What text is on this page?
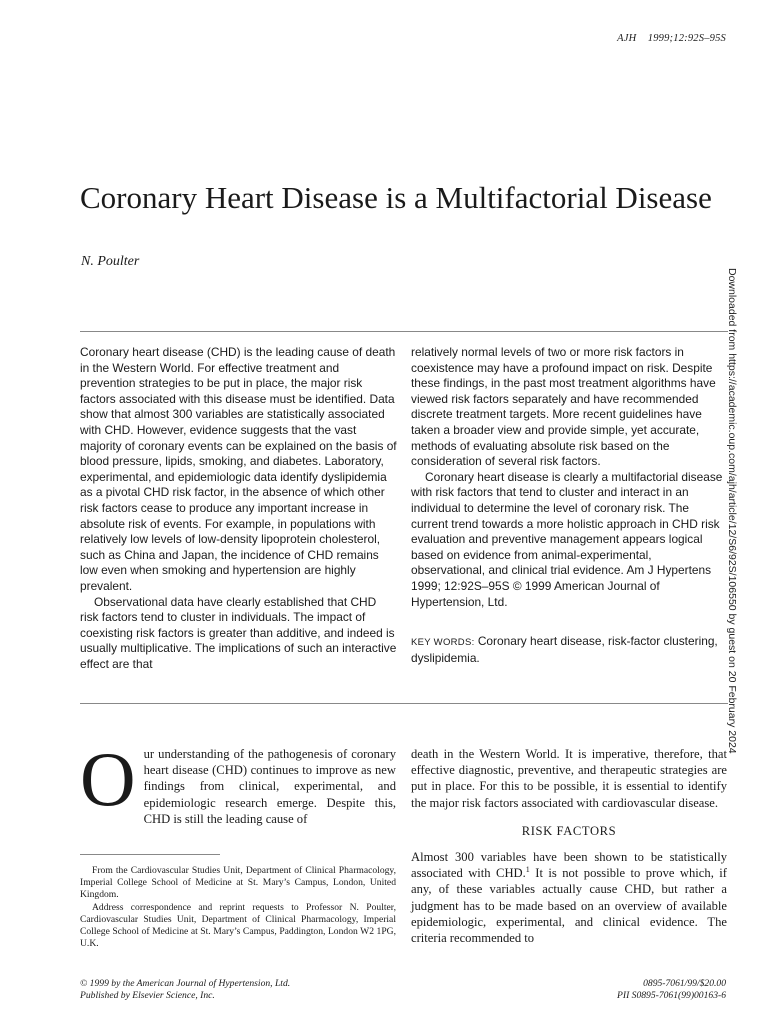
AJH 1999;12:92S–95S
Coronary Heart Disease is a Multifactorial Disease
N. Poulter
Downloaded from https://academic.oup.com/ajh/article/12/S6/92S/106550 by guest on 20 February 2024

Coronary heart disease (CHD) is the leading cause of death in the Western World. For effective treatment and prevention strategies to be put in place, the major risk factors associated with this disease must be identified. Data show that almost 300 variables are statistically associated with CHD. However, evidence suggests that the vast majority of coronary events can be explained on the basis of blood pressure, lipids, smoking, and diabetes. Laboratory, experimental, and epidemiologic data identify dyslipidemia as a pivotal CHD risk factor, in the absence of which other risk factors cease to produce any important increase in absolute risk of events. For example, in populations with relatively low levels of low-density lipoprotein cholesterol, such as China and Japan, the incidence of CHD remains low even when smoking and hypertension are highly prevalent.

Observational data have clearly established that CHD risk factors tend to cluster in individuals. The impact of coexisting risk factors is greater than additive, and indeed is usually multiplicative. The implications of such an interactive effect are that

relatively normal levels of two or more risk factors in coexistence may have a profound impact on risk. Despite these findings, in the past most treatment algorithms have viewed risk factors separately and have recommended discrete treatment targets. More recent guidelines have taken a broader view and provide simple, yet accurate, methods of evaluating absolute risk based on the consideration of several risk factors.

Coronary heart disease is clearly a multifactorial disease with risk factors that tend to cluster and interact in an individual to determine the level of coronary risk. The current trend towards a more holistic approach in CHD risk evaluation and preventive management appears logical based on evidence from animal-experimental, observational, and clinical trial evidence. Am J Hypertens 1999; 12:92S–95S © 1999 American Journal of Hypertension, Ltd.

KEY WORDS: Coronary heart disease, risk-factor clustering, dyslipidemia.

Our understanding of the pathogenesis of coronary heart disease (CHD) continues to improve as new findings from clinical, experimental, and epidemiologic research emerge. Despite this, CHD is still the leading cause of

death in the Western World. It is imperative, therefore, that effective diagnostic, preventive, and therapeutic strategies are put in place. For this to be possible, it is essential to identify the major risk factors associated with cardiovascular disease.

RISK FACTORS

Almost 300 variables have been shown to be statistically associated with CHD.$^1$ It is not possible to prove which, if any, of these variables actually cause CHD, but rather a judgment has to be made based on an overview of available epidemiologic, experimental, and clinical evidence. The criteria recommended to

From the Cardiovascular Studies Unit, Department of Clinical Pharmacology, Imperial College School of Medicine at St. Mary’s Campus, London, United Kingdom.

Address correspondence and reprint requests to Professor N. Poulter, Cardiovascular Studies Unit, Department of Clinical Pharmacology, Imperial College School of Medicine at St. Mary’s Campus, Paddington, London W2 1PG, U.K.

© 1999 by the American Journal of Hypertension, Ltd.
Published by Elsevier Science, Inc.
0895-7061/99/$20.00
PII S0895-7061(99)00163-6
